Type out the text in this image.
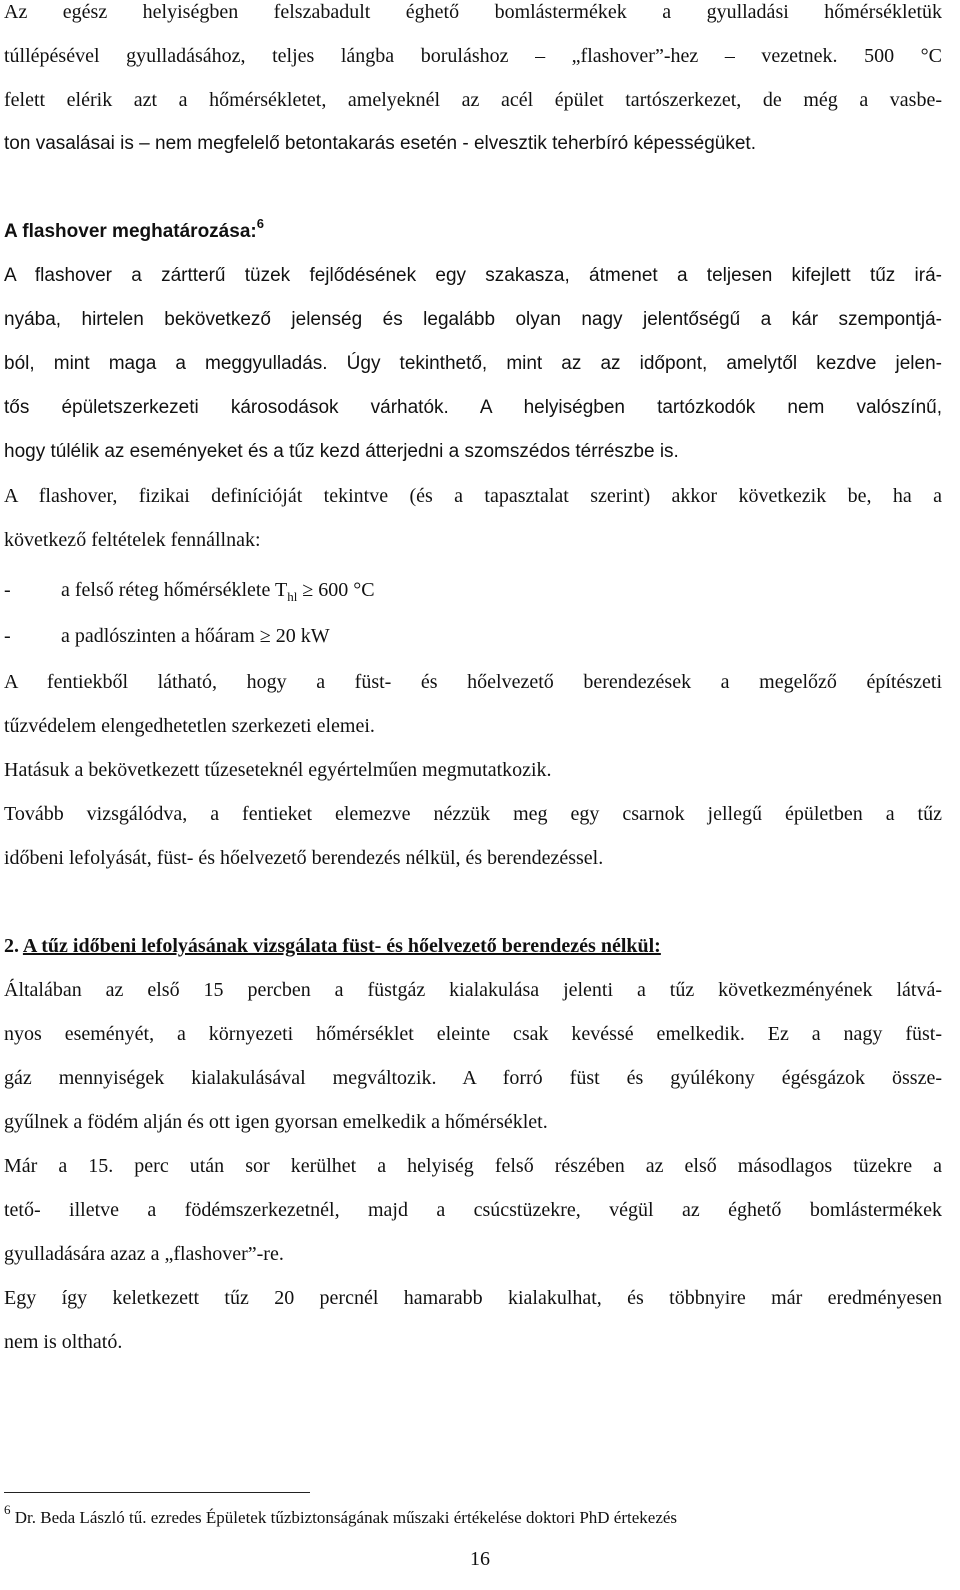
Az egész helyiségben felszabadult éghető bomlástermékek a gyulladási hőmérsékletük
túllépésével gyulladásához, teljes lángba boruláshoz – „flashover”-hez – vezetnek. 500 °C
felett elérik azt a hőmérsékletet, amelyeknél az acél épület tartószerkezet, de még a vasbe-
ton vasalásai is – nem megfelelő betontakarás esetén - elvesztik teherbíró képességüket.
A flashover meghatározása:$^6$
A flashover a zártterű tüzek fejlődésének egy szakasza, átmenet a teljesen kifejlett tűz irá-
nyába, hirtelen bekövetkező jelenség és legalább olyan nagy jelentőségű a kár szempontjá-
ból, mint maga a meggyulladás. Úgy tekinthető, mint az az időpont, amelytől kezdve jelen-
tős épületszerkezeti károsodások várhatók. A helyiségben tartózkodók nem valószínű,
hogy túlélik az eseményeket és a tűz kezd átterjedni a szomszédos térrészbe is.
A flashover, fizikai definícióját tekintve (és a tapasztalat szerint) akkor következik be, ha a
következő feltételek fennállnak:
-	a felső réteg hőmérséklete $T_{hl} \ge 600$ °C
-	a padlószinten a hőáram ≥ 20 kW
A fentiekből látható, hogy a füst- és hőelvezető berendezések a megelőző építészeti
tűzvédelem elengedhetetlen szerkezeti elemei.
Hatásuk a bekövetkezett tűzeseteknél egyértelműen megmutatkozik.
Tovább vizsgálódva, a fentieket elemezve nézzük meg egy csarnok jellegű épületben a tűz
időbeni lefolyását, füst- és hőelvezető berendezés nélkül, és berendezéssel.
2. A tűz időbeni lefolyásának vizsgálata füst- és hőelvezető berendezés nélkül:
Általában az első 15 percben a füstgáz kialakulása jelenti a tűz következményének látvá-
nyos eseményét, a környezeti hőmérséklet eleinte csak kevéssé emelkedik. Ez a nagy füst-
gáz mennyiségek kialakulásával megváltozik. A forró füst és gyúlékony égésgázok össze-
gyűlnek a födém alján és ott igen gyorsan emelkedik a hőmérséklet.
Már a 15. perc után sor kerülhet a helyiség felső részében az első másodlagos tüzekre a
tető- illetve a födémszerkezetnél, majd a csúcstüzekre, végül az éghető bomlástermékek
gyulladására azaz a „flashover”-re.
Egy így keletkezett tűz 20 percnél hamarabb kialakulhat, és többnyire már eredményesen
nem is oltható.
$^6$ Dr. Beda László tű. ezredes Épületek tűzbiztonságának műszaki értékelése doktori PhD értekezés
16
